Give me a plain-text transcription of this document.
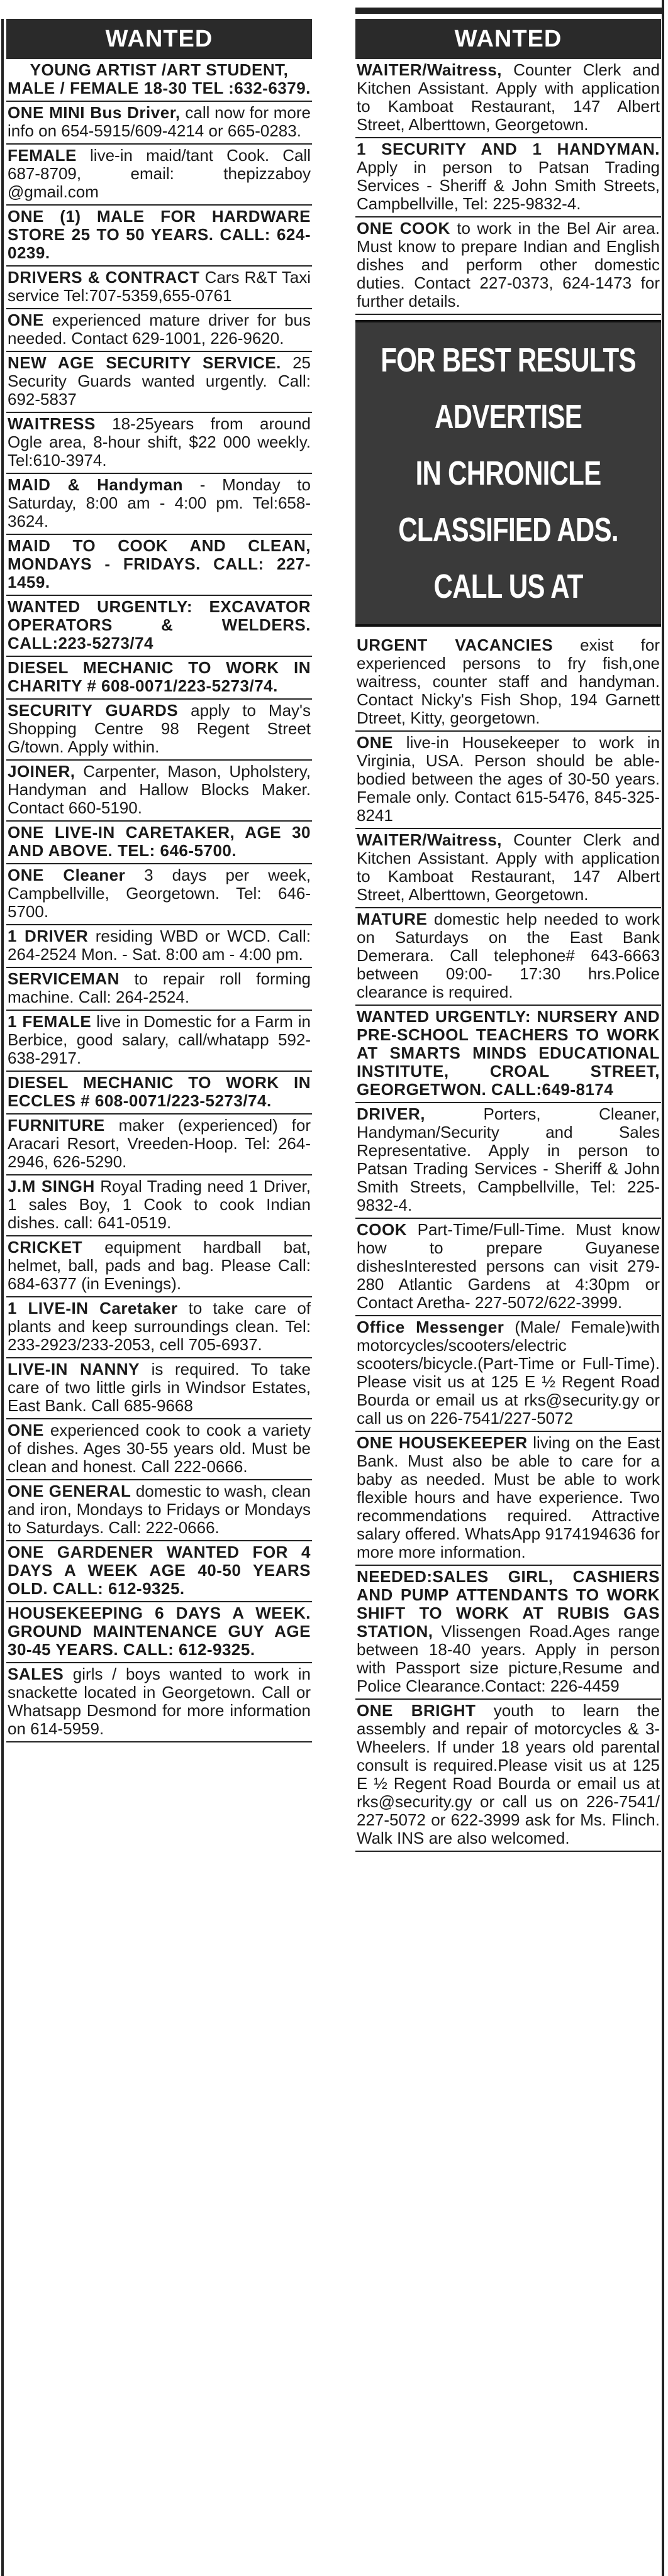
WANTED
YOUNG ARTIST /ART STUDENT, MALE / FEMALE 18-30 TEL :632-6379.
ONE MINI Bus Driver, call now for more info on 654-5915/609-4214 or 665-0283.
FEMALE live-in maid/tant Cook. Call 687-8709, email: thepizzaboy @gmail.com
ONE (1) MALE FOR HARDWARE STORE 25 TO 50 YEARS. CALL: 624-0239.
DRIVERS & CONTRACT Cars R&T Taxi service Tel:707-5359,655-0761
ONE experienced mature driver for bus needed. Contact 629-1001, 226-9620.
NEW AGE SECURITY SERVICE. 25 Security Guards wanted urgently. Call: 692-5837
WAITRESS 18-25years from around Ogle area, 8-hour shift, $22 000 weekly. Tel:610-3974.
MAID & Handyman - Monday to Saturday, 8:00 am - 4:00 pm. Tel:658-3624.
MAID TO COOK AND CLEAN, MONDAYS - FRIDAYS. CALL: 227-1459.
WANTED URGENTLY: EXCAVATOR OPERATORS & WELDERS. CALL:223-5273/74
DIESEL MECHANIC TO WORK IN CHARITY # 608-0071/223-5273/74.
SECURITY GUARDS apply to May's Shopping Centre 98 Regent Street G/town. Apply within.
JOINER, Carpenter, Mason, Upholstery, Handyman and Hallow Blocks Maker. Contact 660-5190.
ONE LIVE-IN CARETAKER, AGE 30 AND ABOVE. TEL: 646-5700.
ONE Cleaner 3 days per week, Campbellville, Georgetown. Tel: 646-5700.
1 DRIVER residing WBD or WCD. Call: 264-2524 Mon. - Sat. 8:00 am - 4:00 pm.
SERVICEMAN to repair roll forming machine. Call: 264-2524.
1 FEMALE live in Domestic for a Farm in Berbice, good salary, call/whatapp 592-638-2917.
DIESEL MECHANIC TO WORK IN ECCLES # 608-0071/223-5273/74.
FURNITURE maker (experienced) for Aracari Resort, Vreeden-Hoop. Tel: 264-2946, 626-5290.
J.M SINGH Royal Trading need 1 Driver, 1 sales Boy, 1 Cook to cook Indian dishes. call: 641-0519.
CRICKET equipment hardball bat, helmet, ball, pads and bag. Please Call: 684-6377 (in Evenings).
1 LIVE-IN Caretaker to take care of plants and keep surroundings clean. Tel: 233-2923/233-2053, cell 705-6937.
LIVE-IN NANNY is required. To take care of two little girls in Windsor Estates, East Bank. Call 685-9668
ONE experienced cook to cook a variety of dishes. Ages 30-55 years old. Must be clean and honest. Call 222-0666.
ONE GENERAL domestic to wash, clean and iron, Mondays to Fridays or Mondays to Saturdays. Call: 222-0666.
ONE GARDENER WANTED FOR 4 DAYS A WEEK AGE 40-50 YEARS OLD. CALL: 612-9325.
HOUSEKEEPING 6 DAYS A WEEK. GROUND MAINTENANCE GUY AGE 30-45 YEARS. CALL: 612-9325.
SALES girls / boys wanted to work in snackette located in Georgetown. Call or Whatsapp Desmond for more information on 614-5959.
WANTED
WAITER/Waitress, Counter Clerk and Kitchen Assistant. Apply with application to Kamboat Restaurant, 147 Albert Street, Alberttown, Georgetown.
1 SECURITY AND 1 HANDYMAN. Apply in person to Patsan Trading Services - Sheriff & John Smith Streets, Campbellville, Tel: 225-9832-4.
ONE COOK to work in the Bel Air area. Must know to prepare Indian and English dishes and perform other domestic duties. Contact 227-0373, 624-1473 for further details.
FOR BEST RESULTS
ADVERTISE
IN CHRONICLE
CLASSIFIED ADS.
CALL US AT
URGENT VACANCIES exist for experienced persons to fry fish,one waitress, counter staff and handyman. Contact Nicky's Fish Shop, 194 Garnett Dtreet, Kitty, georgetown.
ONE live-in Housekeeper to work in Virginia, USA. Person should be able-bodied between the ages of 30-50 years. Female only. Contact 615-5476, 845-325-8241
WAITER/Waitress, Counter Clerk and Kitchen Assistant. Apply with application to Kamboat Restaurant, 147 Albert Street, Alberttown, Georgetown.
MATURE domestic help needed to work on Saturdays on the East Bank Demerara. Call telephone# 643-6663 between 09:00- 17:30 hrs.Police clearance is required.
WANTED URGENTLY: NURSERY AND PRE-SCHOOL TEACHERS TO WORK AT SMARTS MINDS EDUCATIONAL INSTITUTE, CROAL STREET, GEORGETWON. CALL:649-8174
DRIVER, Porters, Cleaner, Handyman/Security and Sales Representative. Apply in person to Patsan Trading Services - Sheriff & John Smith Streets, Campbellville, Tel: 225-9832-4.
COOK Part-Time/Full-Time. Must know how to prepare Guyanese dishesInterested persons can visit 279-280 Atlantic Gardens at 4:30pm or Contact Aretha- 227-5072/622-3999.
Office Messenger (Male/ Female)with motorcycles/scooters/electric scooters/bicycle.(Part-Time or Full-Time). Please visit us at 125 E ½ Regent Road Bourda or email us at rks@security.gy or call us on 226-7541/227-5072
ONE HOUSEKEEPER living on the East Bank. Must also be able to care for a baby as needed. Must be able to work flexible hours and have experience. Two recommendations required. Attractive salary offered. WhatsApp 9174194636 for more more information.
NEEDED:SALES GIRL, CASHIERS AND PUMP ATTENDANTS TO WORK SHIFT TO WORK AT RUBIS GAS STATION, Vlissengen Road.Ages range between 18-40 years. Apply in person with Passport size picture,Resume and Police Clearance.Contact: 226-4459
ONE BRIGHT youth to learn the assembly and repair of motorcycles & 3-Wheelers. If under 18 years old parental consult is required.Please visit us at 125 E ½ Regent Road Bourda or email us at rks@security.gy or call us on 226-7541/ 227-5072 or 622-3999 ask for Ms. Flinch. Walk INS are also welcomed.
